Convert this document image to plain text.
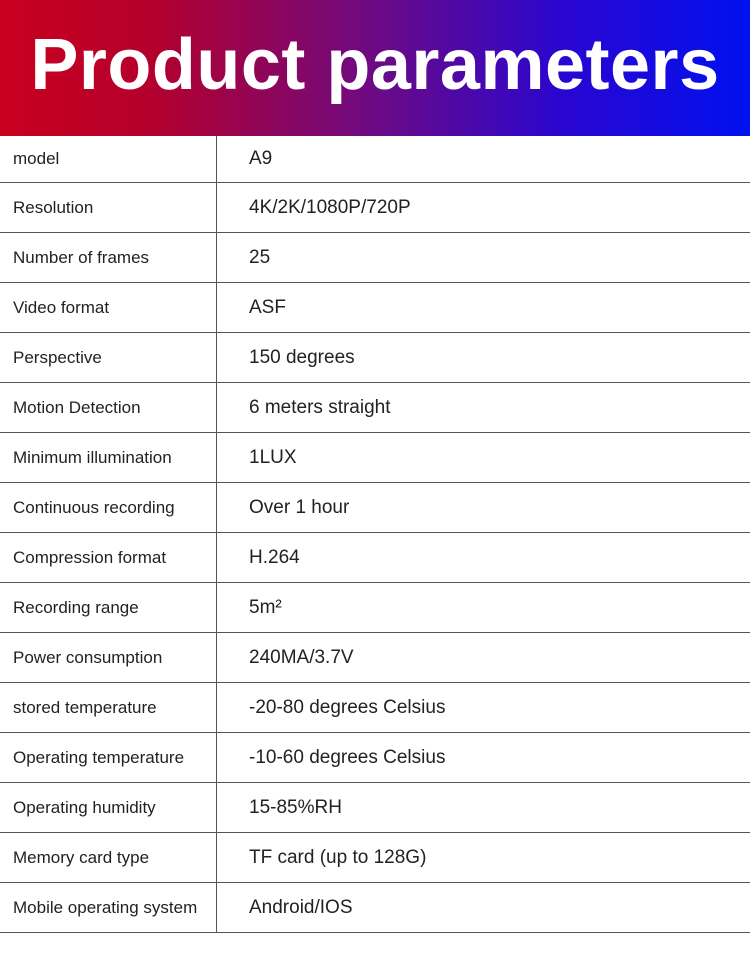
Product parameters
model	A9
Resolution	4K/2K/1080P/720P
Number of frames	25
Video format	ASF
Perspective	150 degrees
Motion Detection	6 meters straight
Minimum illumination	1LUX
Continuous recording	Over 1 hour
Compression format	H.264
Recording range	5m²
Power consumption	240MA/3.7V
stored temperature	-20-80 degrees Celsius
Operating temperature	-10-60 degrees Celsius
Operating humidity	15-85%RH
Memory card type	TF card (up to 128G)
Mobile operating system	Android/IOS
